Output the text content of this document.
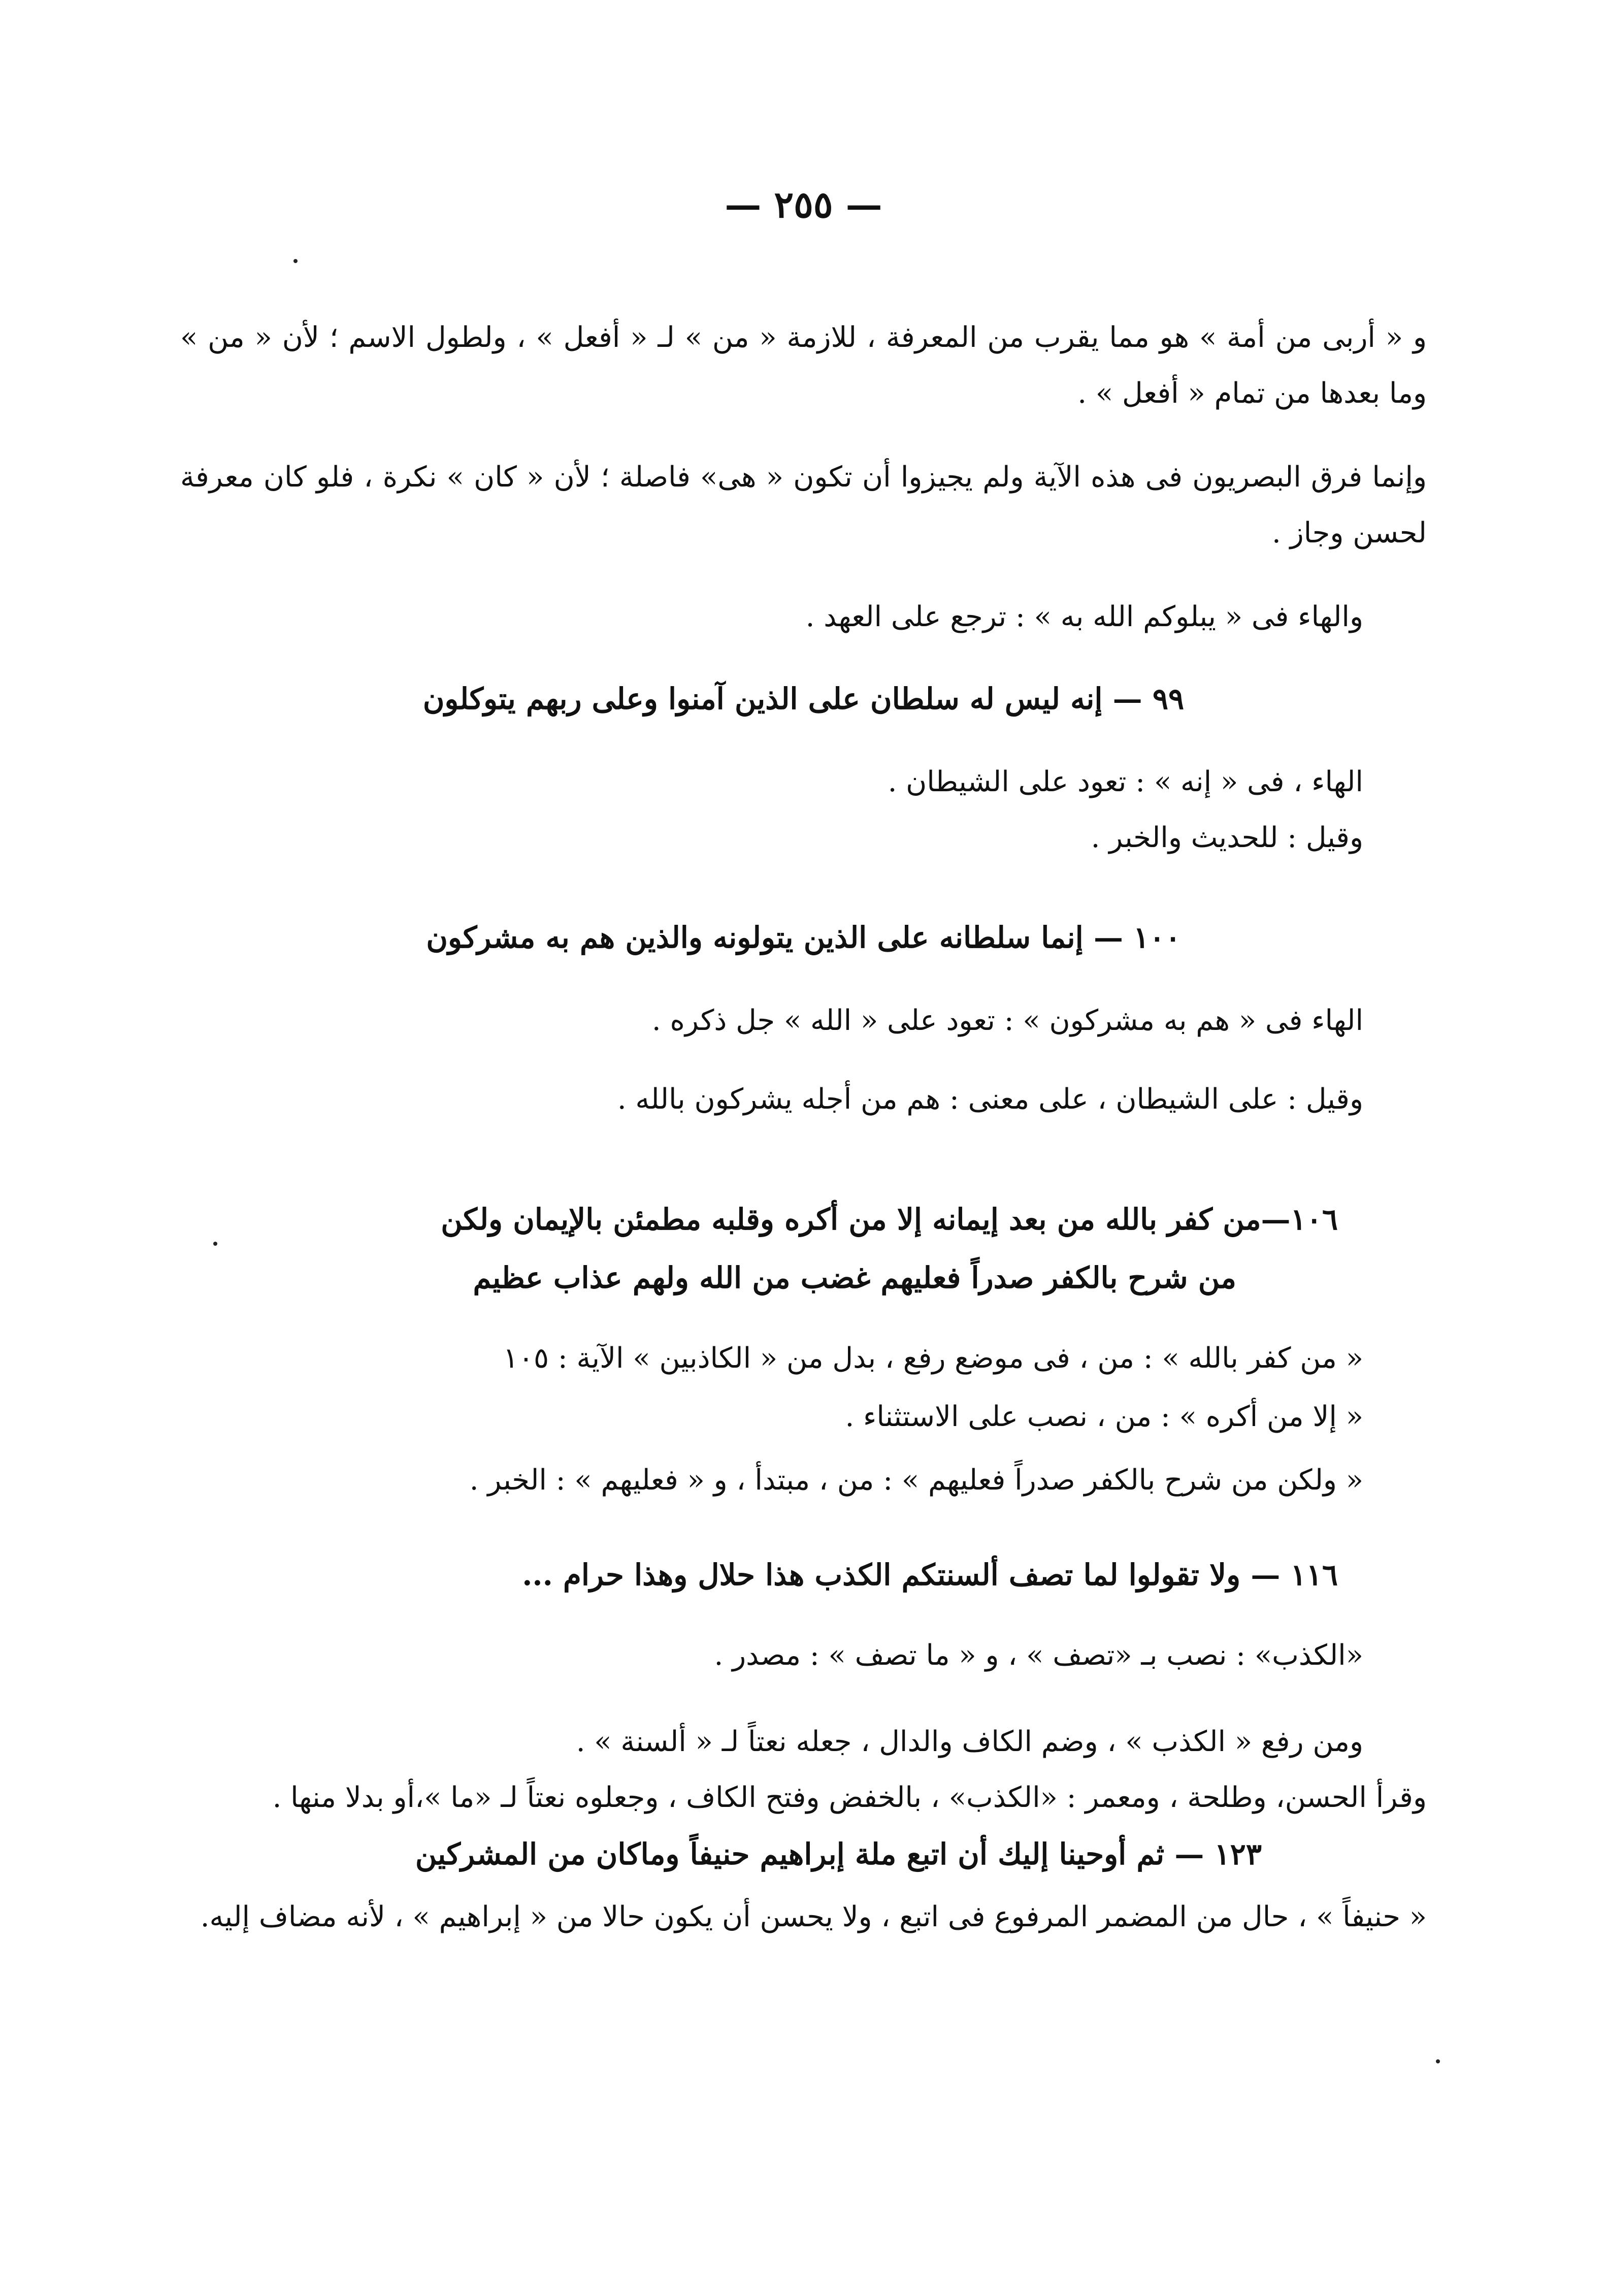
— ٢٥٥ —
و « أربى من أمة » هو مما يقرب من المعرفة ، للازمة « من » لـ « أفعل » ، ولطول الاسم ؛ لأن « من »
وما بعدها من تمام « أفعل » .
وإنما فرق البصريون فى هذه الآية ولم يجيزوا أن تكون « هى» فاصلة ؛ لأن « كان » نكرة ، فلو كان معرفة
لحسن وجاز .
والهاء فى « يبلوكم الله به » : ترجع على العهد .
٩٩ — إنه ليس له سلطان على الذين آمنوا وعلى ربهم يتوكلون
الهاء ، فى « إنه » : تعود على الشيطان .
وقيل : للحديث والخبر .
١٠٠ — إنما سلطانه على الذين يتولونه والذين هم به مشركون
الهاء فى « هم به مشركون » : تعود على « الله » جل ذكره .
وقيل : على الشيطان ، على معنى : هم من أجله يشركون بالله .
١٠٦—من كفر بالله من بعد إيمانه إلا من أكره وقلبه مطمئن بالإيمان ولكن
من شرح بالكفر صدراً فعليهم غضب من الله ولهم عذاب عظيم
« من كفر بالله » : من ، فى موضع رفع ، بدل من « الكاذبين » الآية : ١٠٥
« إلا من أكره » : من ، نصب على الاستثناء .
« ولكن من شرح بالكفر صدراً فعليهم » : من ، مبتدأ ، و « فعليهم » : الخبر .
١١٦ — ولا تقولوا لما تصف ألسنتكم الكذب هذا حلال وهذا حرام ...
«الكذب» : نصب بـ «تصف » ، و « ما تصف » : مصدر .
ومن رفع « الكذب » ، وضم الكاف والدال ، جعله نعتاً لـ « ألسنة » .
وقرأ الحسن، وطلحة ، ومعمر : «الكذب» ، بالخفض وفتح الكاف ، وجعلوه نعتاً لـ «ما »،أو بدلا منها .
١٢٣ — ثم أوحينا إليك أن اتبع ملة إبراهيم حنيفاً وماكان من المشركين
« حنيفاً » ، حال من المضمر المرفوع فى اتبع ، ولا يحسن أن يكون حالا من « إبراهيم » ، لأنه مضاف إليه.
